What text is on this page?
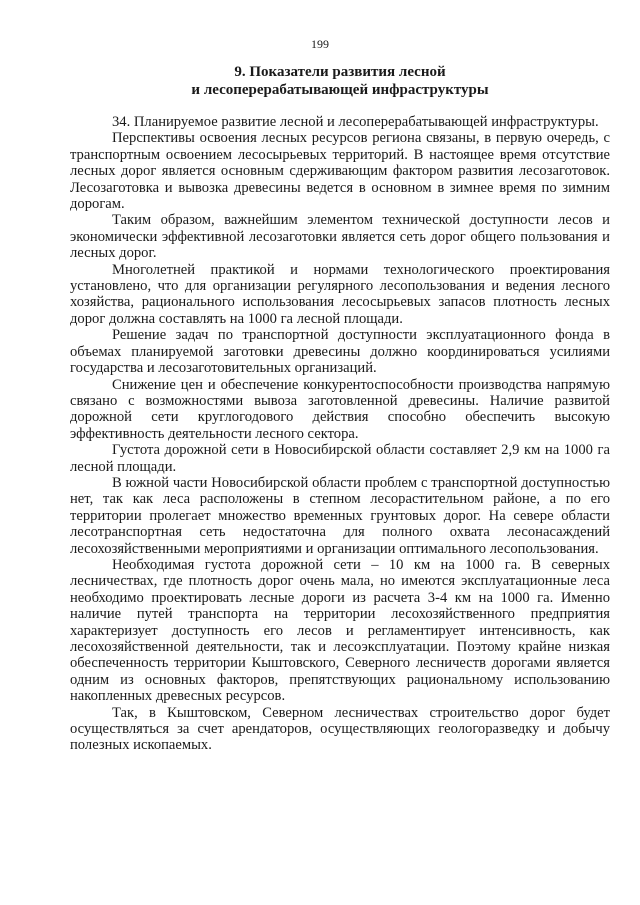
199
9. Показатели развития лесной
и лесоперерабатывающей инфраструктуры

34. Планируемое развитие лесной и лесоперерабатывающей инфраструктуры.

Перспективы освоения лесных ресурсов региона связаны, в первую очередь, с транспортным освоением лесосырьевых территорий. В настоящее время отсутствие лесных дорог является основным сдерживающим фактором развития лесозаготовок. Лесозаготовка и вывозка древесины ведется в основном в зимнее время по зимним дорогам.

Таким образом, важнейшим элементом технической доступности лесов и экономически эффективной лесозаготовки является сеть дорог общего пользования и лесных дорог.

Многолетней практикой и нормами технологического проектирования установлено, что для организации регулярного лесопользования и ведения лесного хозяйства, рационального использования лесосырьевых запасов плотность лесных дорог должна составлять на 1000 га лесной площади.

Решение задач по транспортной доступности эксплуатационного фонда в объемах планируемой заготовки древесины должно координироваться усилиями государства и лесозаготовительных организаций.

Снижение цен и обеспечение конкурентоспособности производства напрямую связано с возможностями вывоза заготовленной древесины. Наличие развитой дорожной сети круглогодового действия способно обеспечить высокую эффективность деятельности лесного сектора.

Густота дорожной сети в Новосибирской области составляет 2,9 км на 1000 га лесной площади.

В южной части Новосибирской области проблем с транспортной доступностью нет, так как леса расположены в степном лесорастительном районе, а по его территории пролегает множество временных грунтовых дорог. На севере области лесотранспортная сеть недостаточна для полного охвата лесонасаждений лесохозяйственными мероприятиями и организации оптимального лесопользования.

Необходимая густота дорожной сети – 10 км на 1000 га. В северных лесничествах, где плотность дорог очень мала, но имеются эксплуатационные леса необходимо проектировать лесные дороги из расчета 3-4 км на 1000 га. Именно наличие путей транспорта на территории лесохозяйственного предприятия характеризует доступность его лесов и регламентирует интенсивность, как лесохозяйственной деятельности, так и лесоэксплуатации. Поэтому крайне низкая обеспеченность территории Кыштовского, Северного лесничеств дорогами является одним из основных факторов, препятствующих рациональному использованию накопленных древесных ресурсов.

Так, в Кыштовском, Северном лесничествах строительство дорог будет осуществляться за счет арендаторов, осуществляющих геологоразведку и добычу полезных ископаемых.
